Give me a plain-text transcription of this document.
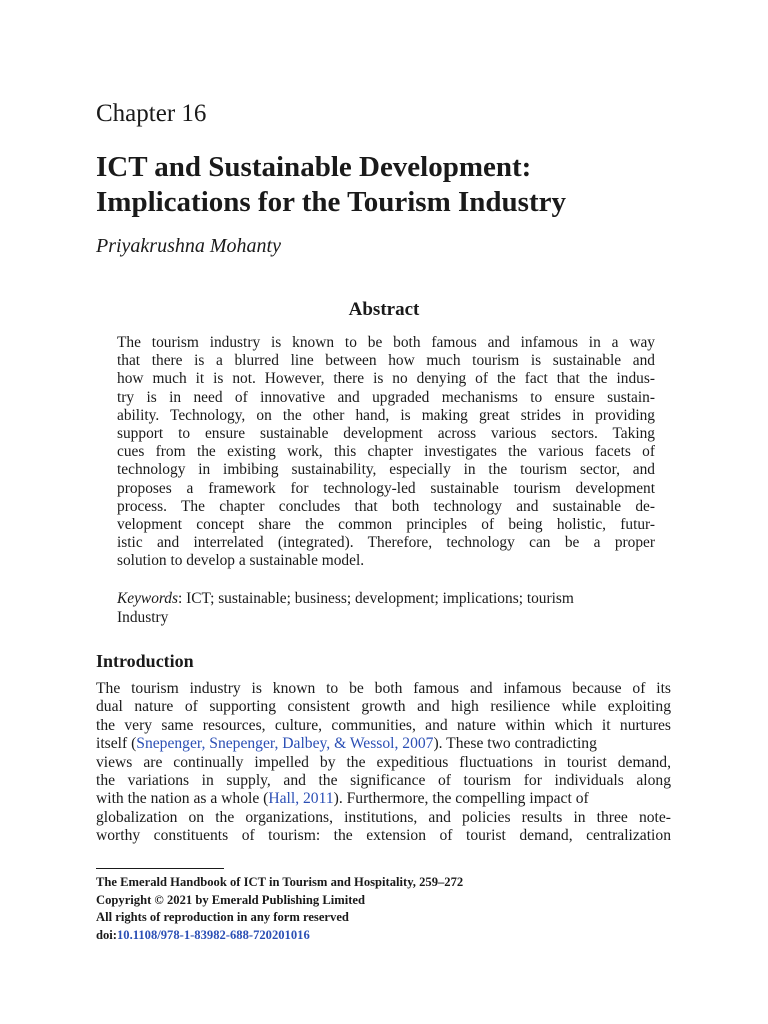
Chapter 16
ICT and Sustainable Development:
Implications for the Tourism Industry

Priyakrushna Mohanty

Abstract
The tourism industry is known to be both famous and infamous in a way
that there is a blurred line between how much tourism is sustainable and
how much it is not. However, there is no denying of the fact that the indus-
try is in need of innovative and upgraded mechanisms to ensure sustain-
ability. Technology, on the other hand, is making great strides in providing
support to ensure sustainable development across various sectors. Taking
cues from the existing work, this chapter investigates the various facets of
technology in imbibing sustainability, especially in the tourism sector, and
proposes a framework for technology-led sustainable tourism development
process. The chapter concludes that both technology and sustainable de-
velopment concept share the common principles of being holistic, futur-
istic and interrelated (integrated). Therefore, technology can be a proper
solution to develop a sustainable model.
Keywords: ICT; sustainable; business; development; implications; tourism
Industry
Introduction
The tourism industry is known to be both famous and infamous because of its
dual nature of supporting consistent growth and high resilience while exploiting
the very same resources, culture, communities, and nature within which it nurtures
itself (Snepenger, Snepenger, Dalbey, & Wessol, 2007). These two contradicting
views are continually impelled by the expeditious fluctuations in tourist demand,
the variations in supply, and the significance of tourism for individuals along
with the nation as a whole (Hall, 2011). Furthermore, the compelling impact of
globalization on the organizations, institutions, and policies results in three note-
worthy constituents of tourism: the extension of tourist demand, centralization
The Emerald Handbook of ICT in Tourism and Hospitality, 259–272
Copyright © 2021 by Emerald Publishing Limited
All rights of reproduction in any form reserved
doi:10.1108/978-1-83982-688-720201016
